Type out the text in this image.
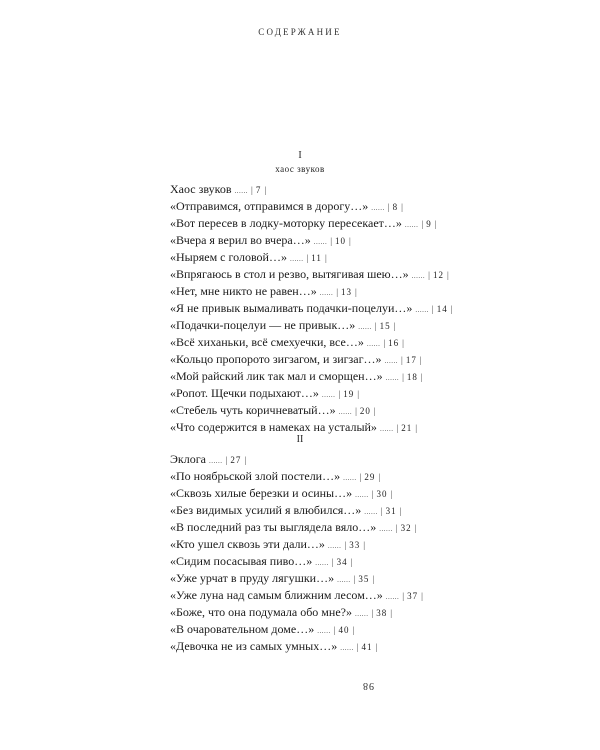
СОДЕРЖАНИЕ
I
хаос звуков
Хаос звуков ...... | 7 |
«Отправимся, отправимся в дорогу…» ...... | 8 |
«Вот пересев в лодку-моторку пересекает…» ...... | 9 |
«Вчера я верил во вчера…» ...... | 10 |
«Ныряем с головой…» ...... | 11 |
«Впрягаюсь в стол и резво, вытягивая шею…» ...... | 12 |
«Нет, мне никто не равен…» ...... | 13 |
«Я не привык вымаливать подачки-поцелуи…» ...... | 14 |
«Подачки-поцелуи — не привык…» ...... | 15 |
«Всё хиханьки, всё смехуечки, все…» ...... | 16 |
«Кольцо пропорото зигзагом, и зигзаг…» ...... | 17 |
«Мой райский лик так мал и сморщен…» ...... | 18 |
«Ропот. Щечки подыхают…» ...... | 19 |
«Стебель чуть коричневатый…» ...... | 20 |
«Что содержится в намеках на усталый» ...... | 21 |
II
Эклога ...... | 27 |
«По ноябрьской злой постели…» ...... | 29 |
«Сквозь хилые березки и осины…» ...... | 30 |
«Без видимых усилий я влюбился…» ...... | 31 |
«В последний раз ты выглядела вяло…» ...... | 32 |
«Кто ушел сквозь эти дали…» ...... | 33 |
«Сидим посасывая пиво…» ...... | 34 |
«Уже урчат в пруду лягушки…» ...... | 35 |
«Уже луна над самым ближним лесом…» ...... | 37 |
«Боже, что она подумала обо мне?» ...... | 38 |
«В очаровательном доме…» ...... | 40 |
«Девочка не из самых умных…» ...... | 41 |
98
